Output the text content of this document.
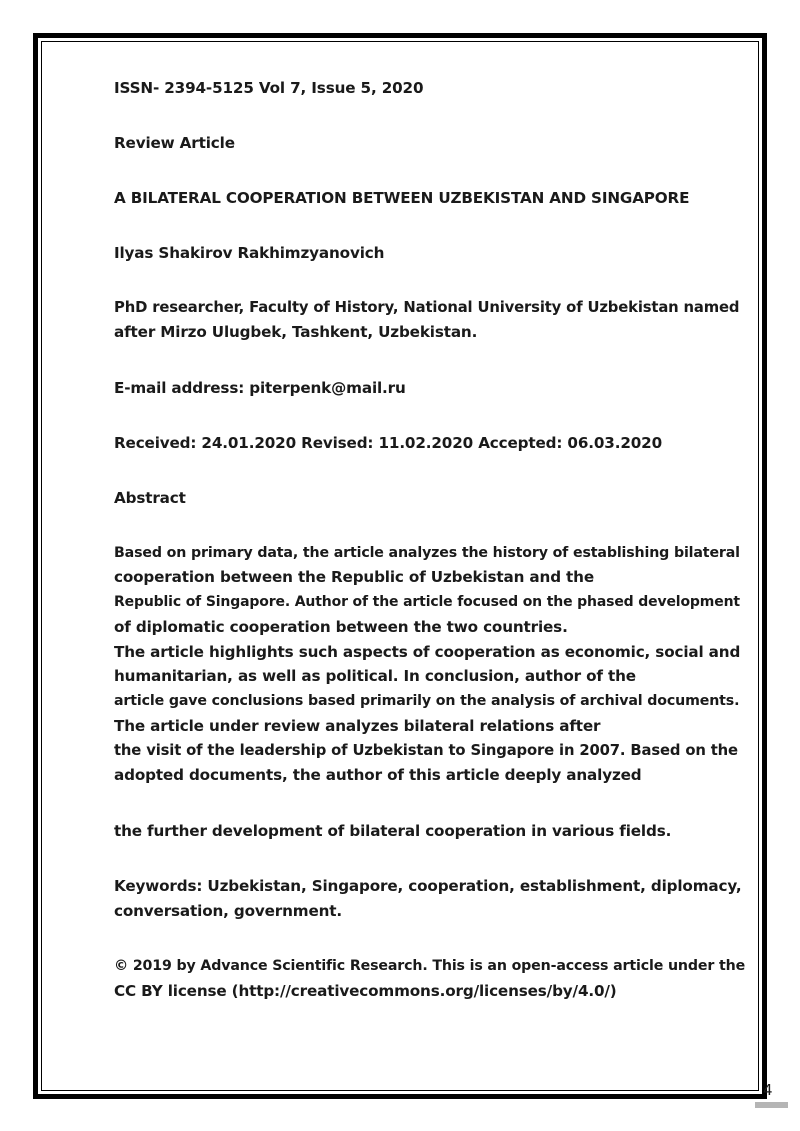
ISSN- 2394-5125 Vol 7, Issue 5, 2020
Review Article
A BILATERAL COOPERATION BETWEEN UZBEKISTAN AND SINGAPORE
Ilyas Shakirov Rakhimzyanovich
PhD researcher, Faculty of History, National University of Uzbekistan named
after Mirzo Ulugbek, Tashkent, Uzbekistan.
E-mail address: piterpenk@mail.ru
Received: 24.01.2020 Revised: 11.02.2020 Accepted: 06.03.2020
Abstract
Based on primary data, the article analyzes the history of establishing bilateral
cooperation between the Republic of Uzbekistan and the
Republic of Singapore. Author of the article focused on the phased development
of diplomatic cooperation between the two countries.
The article highlights such aspects of cooperation as economic, social and
humanitarian, as well as political. In conclusion, author of the
article gave conclusions based primarily on the analysis of archival documents.
The article under review analyzes bilateral relations after
the visit of the leadership of Uzbekistan to Singapore in 2007. Based on the
adopted documents, the author of this article deeply analyzed
the further development of bilateral cooperation in various fields.
Keywords: Uzbekistan, Singapore, cooperation, establishment, diplomacy,
conversation, government.
© 2019 by Advance Scientific Research. This is an open-access article under the
CC BY license (http://creativecommons.org/licenses/by/4.0/)
4
